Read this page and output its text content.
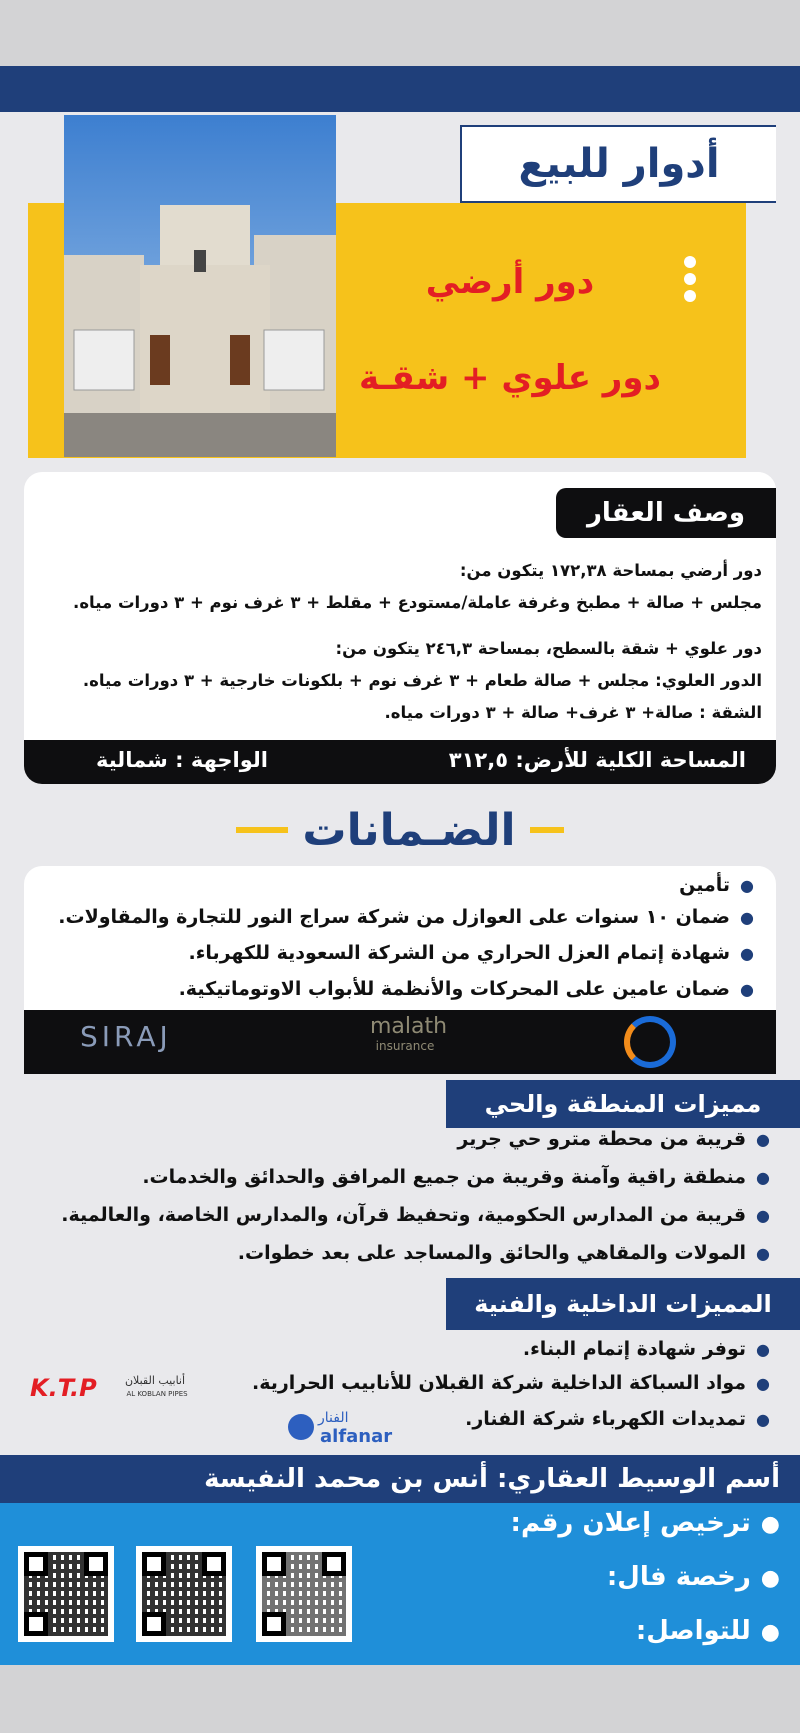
أدوار للبيع
دور أرضي
دور علوي + شقـة
وصف العقار
دور أرضي بمساحة ١٧٢,٣٨ يتكون من:
مجلس + صالة + مطبخ وغرفة عاملة/مستودع + مقلط + ٣ غرف نوم + ٣ دورات مياه.
دور علوي + شقة بالسطح، بمساحة ٢٤٦,٣ يتكون من:
الدور العلوي: مجلس + صالة طعام + ٣ غرف نوم + بلكونات خارجية + ٣ دورات مياه.
الشقة : صالة+ ٣ غرف+ صالة + ٣ دورات مياه.
المساحة الكلية للأرض: ٣١٢,٥
الواجهة : شمالية
الضـمانات
● تأمين
● ضمان ١٠ سنوات على العوازل من شركة سراج النور للتجارة والمقاولات.
● شهادة إتمام العزل الحراري من الشركة السعودية للكهرباء.
● ضمان عامين على المحركات والأنظمة للأبواب الاوتوماتيكية.
SIRAJ	malath
insurance
مميزات المنطقة والحي
● قريبة من محطة مترو حي جرير
● منطقة راقية وآمنة وقريبة من جميع المرافق والحدائق والخدمات.
● قريبة من المدارس الحكومية، وتحفيظ قرآن، والمدارس الخاصة، والعالمية.
● المولات والمقاهي والحائق والمساجد على بعد خطوات.
المميزات الداخلية والفنية
● توفر شهادة إتمام البناء.
● مواد السباكة الداخلية شركة القبلان للأنابيب الحرارية.
● تمديدات الكهرباء شركة الفنار.
K.T.P	أنابيب القبلان
AL KOBLAN PIPES
الفنار
alfanar
أسم الوسيط العقاري: أنس بن محمد النفيسة
● ترخيص إعلان رقم:
● رخصة فال:
● للتواصل:
